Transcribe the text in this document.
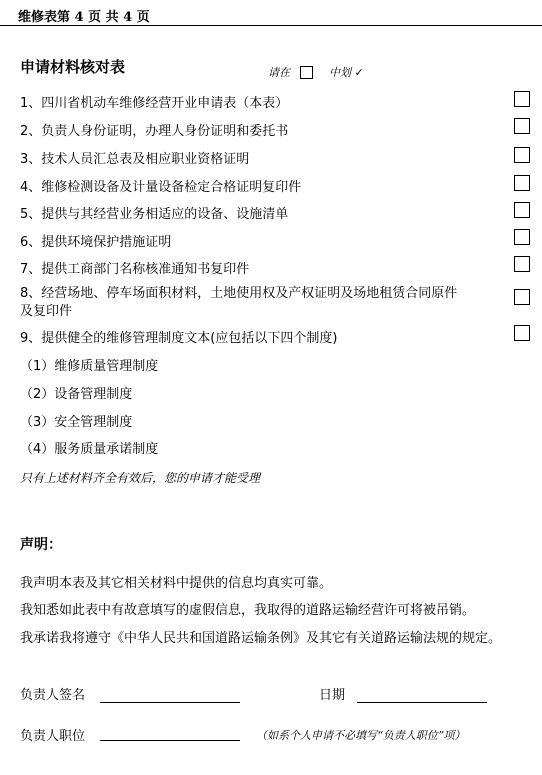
维修表第 4 页 共 4 页
申请材料核对表	请在	中划 ✓
1、四川省机动车维修经营开业申请表（本表）
2、负责人身份证明，办理人身份证明和委托书
3、技术人员汇总表及相应职业资格证明
4、维修检测设备及计量设备检定合格证明复印件
5、提供与其经营业务相适应的设备、设施清单
6、提供环境保护措施证明
7、提供工商部门名称核准通知书复印件
8、经营场地、停车场面积材料，土地使用权及产权证明及场地租赁合同原件
及复印件
9、提供健全的维修管理制度文本(应包括以下四个制度)
（1）维修质量管理制度
（2）设备管理制度
（3）安全管理制度
（4）服务质量承诺制度
只有上述材料齐全有效后，您的申请才能受理
声明：
我声明本表及其它相关材料中提供的信息均真实可靠。
我知悉如此表中有故意填写的虚假信息，我取得的道路运输经营许可将被吊销。
我承诺我将遵守《中华人民共和国道路运输条例》及其它有关道路运输法规的规定。
负责人签名	日期
负责人职位	（如系个人申请不必填写“负责人职位”项）
